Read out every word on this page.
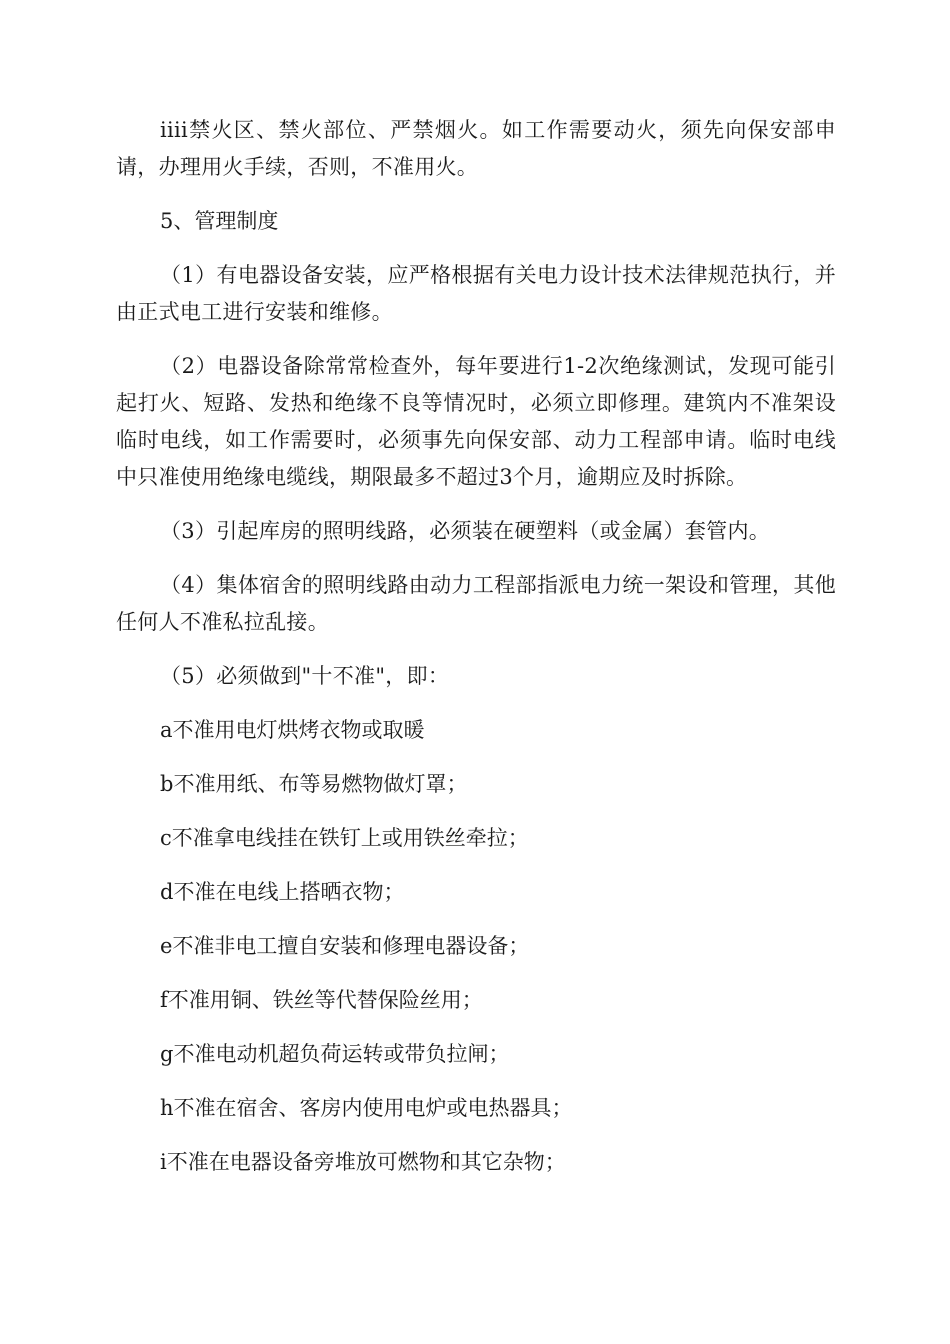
iiii禁火区、禁火部位、严禁烟火。如工作需要动火，须先向保安部申请，办理用火手续，否则，不准用火。

5、管理制度

（1）有电器设备安装，应严格根据有关电力设计技术法律规范执行，并由正式电工进行安装和维修。

（2）电器设备除常常检查外，每年要进行1-2次绝缘测试，发现可能引起打火、短路、发热和绝缘不良等情况时，必须立即修理。建筑内不准架设临时电线，如工作需要时，必须事先向保安部、动力工程部申请。临时电线中只准使用绝缘电缆线，期限最多不超过3个月，逾期应及时拆除。

（3）引起库房的照明线路，必须装在硬塑料（或金属）套管内。

（4）集体宿舍的照明线路由动力工程部指派电力统一架设和管理，其他任何人不准私拉乱接。

（5）必须做到"十不准"，即：

a不准用电灯烘烤衣物或取暖

b不准用纸、布等易燃物做灯罩；

c不准拿电线挂在铁钉上或用铁丝牵拉；

d不准在电线上搭晒衣物；

e不准非电工擅自安装和修理电器设备；

f不准用铜、铁丝等代替保险丝用；

g不准电动机超负荷运转或带负拉闸；

h不准在宿舍、客房内使用电炉或电热器具；

i不准在电器设备旁堆放可燃物和其它杂物；
